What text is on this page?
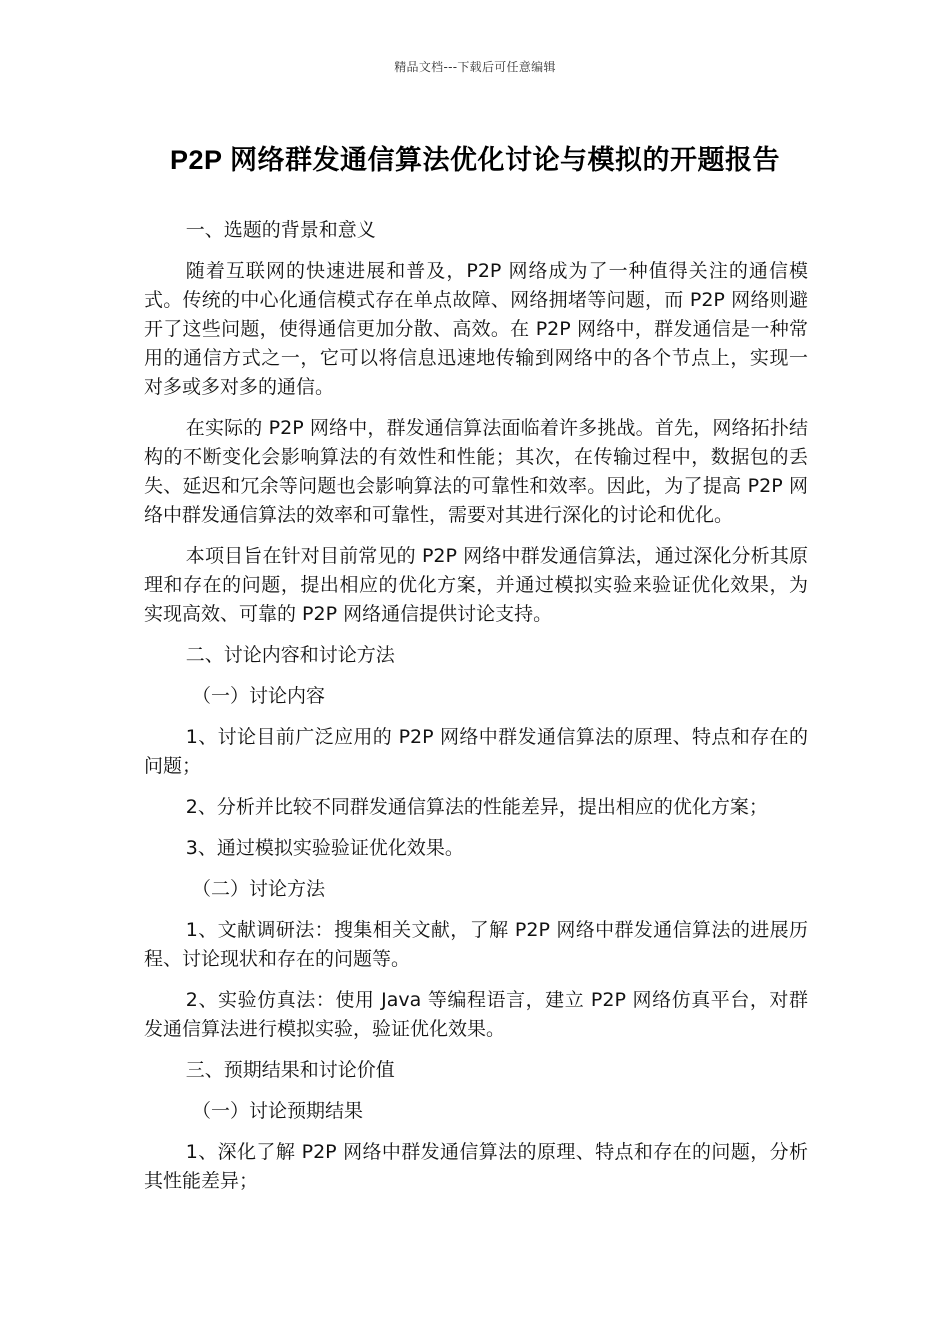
精品文档---下载后可任意编辑
P2P 网络群发通信算法优化讨论与模拟的开题报告

一、选题的背景和意义

随着互联网的快速进展和普及，P2P 网络成为了一种值得关注的通信模式。传统的中心化通信模式存在单点故障、网络拥堵等问题，而 P2P 网络则避开了这些问题，使得通信更加分散、高效。在 P2P 网络中，群发通信是一种常用的通信方式之一，它可以将信息迅速地传输到网络中的各个节点上，实现一对多或多对多的通信。

在实际的 P2P 网络中，群发通信算法面临着许多挑战。首先，网络拓扑结构的不断变化会影响算法的有效性和性能；其次，在传输过程中，数据包的丢失、延迟和冗余等问题也会影响算法的可靠性和效率。因此，为了提高 P2P 网络中群发通信算法的效率和可靠性，需要对其进行深化的讨论和优化。

本项目旨在针对目前常见的 P2P 网络中群发通信算法，通过深化分析其原理和存在的问题，提出相应的优化方案，并通过模拟实验来验证优化效果，为实现高效、可靠的 P2P 网络通信提供讨论支持。

二、讨论内容和讨论方法

（一）讨论内容

1、讨论目前广泛应用的 P2P 网络中群发通信算法的原理、特点和存在的问题；

2、分析并比较不同群发通信算法的性能差异，提出相应的优化方案；

3、通过模拟实验验证优化效果。

（二）讨论方法

1、文献调研法：搜集相关文献，了解 P2P 网络中群发通信算法的进展历程、讨论现状和存在的问题等。

2、实验仿真法：使用 Java 等编程语言，建立 P2P 网络仿真平台，对群发通信算法进行模拟实验，验证优化效果。

三、预期结果和讨论价值

（一）讨论预期结果

1、深化了解 P2P 网络中群发通信算法的原理、特点和存在的问题，分析其性能差异；
